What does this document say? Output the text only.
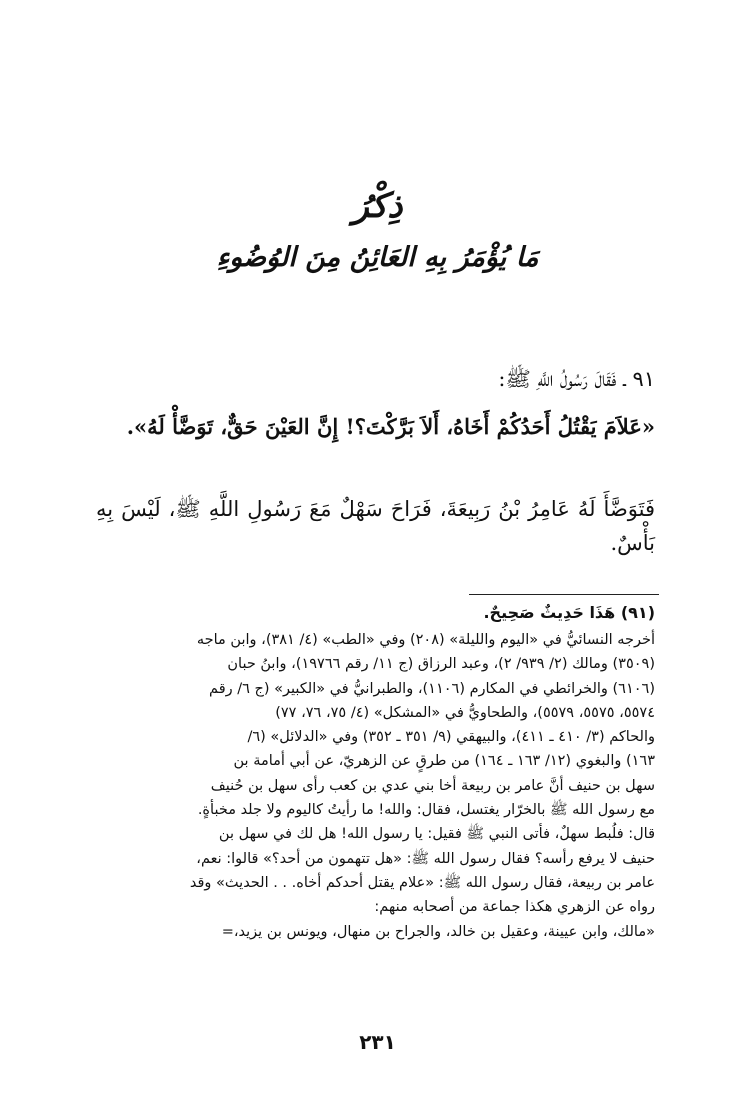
ذِكْرُ
مَا يُؤْمَرُ بِهِ العَائِنُ مِنَ الوُضُوءِ
٩١ ـ فَقَالَ رَسُولُ اللَّهِ ﷺ:
«عَلاَمَ يَقْتُلُ أَحَدُكُمْ أَخَاهُ، أَلاَ بَرَّكْتَ؟! إِنَّ العَيْنَ حَقٌّ، تَوَضَّأْ لَهُ».
فَتَوَضَّأَ لَهُ عَامِرُ بْنُ رَبِيعَةَ، فَرَاحَ سَهْلٌ مَعَ رَسُولِ اللَّهِ ﷺ، لَيْسَ بِهِ بَأْسٌ.
(٩١) هَذَا حَدِيثٌ صَحِيحٌ.

أخرجه النسائيُّ في «اليوم والليلة» (٢٠٨) وفي «الطب» (٤/ ٣٨١)، وابن ماجه

(٣٥٠٩) ومالك (٢/ ٩٣٩/ ٢)، وعبد الرزاق (ج ١١/ رقم ١٩٧٦٦)، وابنُ حبان

(٦١٠٦) والخرائطي في المكارم (١١٠٦)، والطبرانيُّ في «الكبير» (ج ٦/ رقم

٥٥٧٤، ٥٥٧٥، ٥٥٧٩)، والطحاويُّ في «المشكل» (٤/ ٧٥، ٧٦، ٧٧)

والحاكم (٣/ ٤١٠ ـ ٤١١)، والبيهقي (٩/ ٣٥١ ـ ٣٥٢) وفي «الدلائل» (٦/

١٦٣) والبغوي (١٢/ ١٦٣ ـ ١٦٤) من طرقٍ عن الزهريّ، عن أبي أمامة بن

سهل بن حنيف أنَّ عامر بن ربيعة أخا بني عدي بن كعب رأى سهل بن حُنيف

مع رسول الله ﷺ بالخرّار يغتسل، فقال: والله! ما رأيتُ كاليوم ولا جلد مخبأةٍ.

قال: فلُبط سهلٌ، فأتى النبي ﷺ فقيل: يا رسول الله! هل لك في سهل بن

حنيف لا يرفع رأسه؟ فقال رسول الله ﷺ: «هل تتهمون من أحد؟» قالوا: نعم،

عامر بن ربيعة، فقال رسول الله ﷺ: «علام يقتل أحدكم أخاه. . . الحديث» وقد

رواه عن الزهري هكذا جماعة من أصحابه منهم:

«مالك، وابن عيينة، وعقيل بن خالد، والجراح بن منهال، ويونس بن يزيد،=

٢٣١
